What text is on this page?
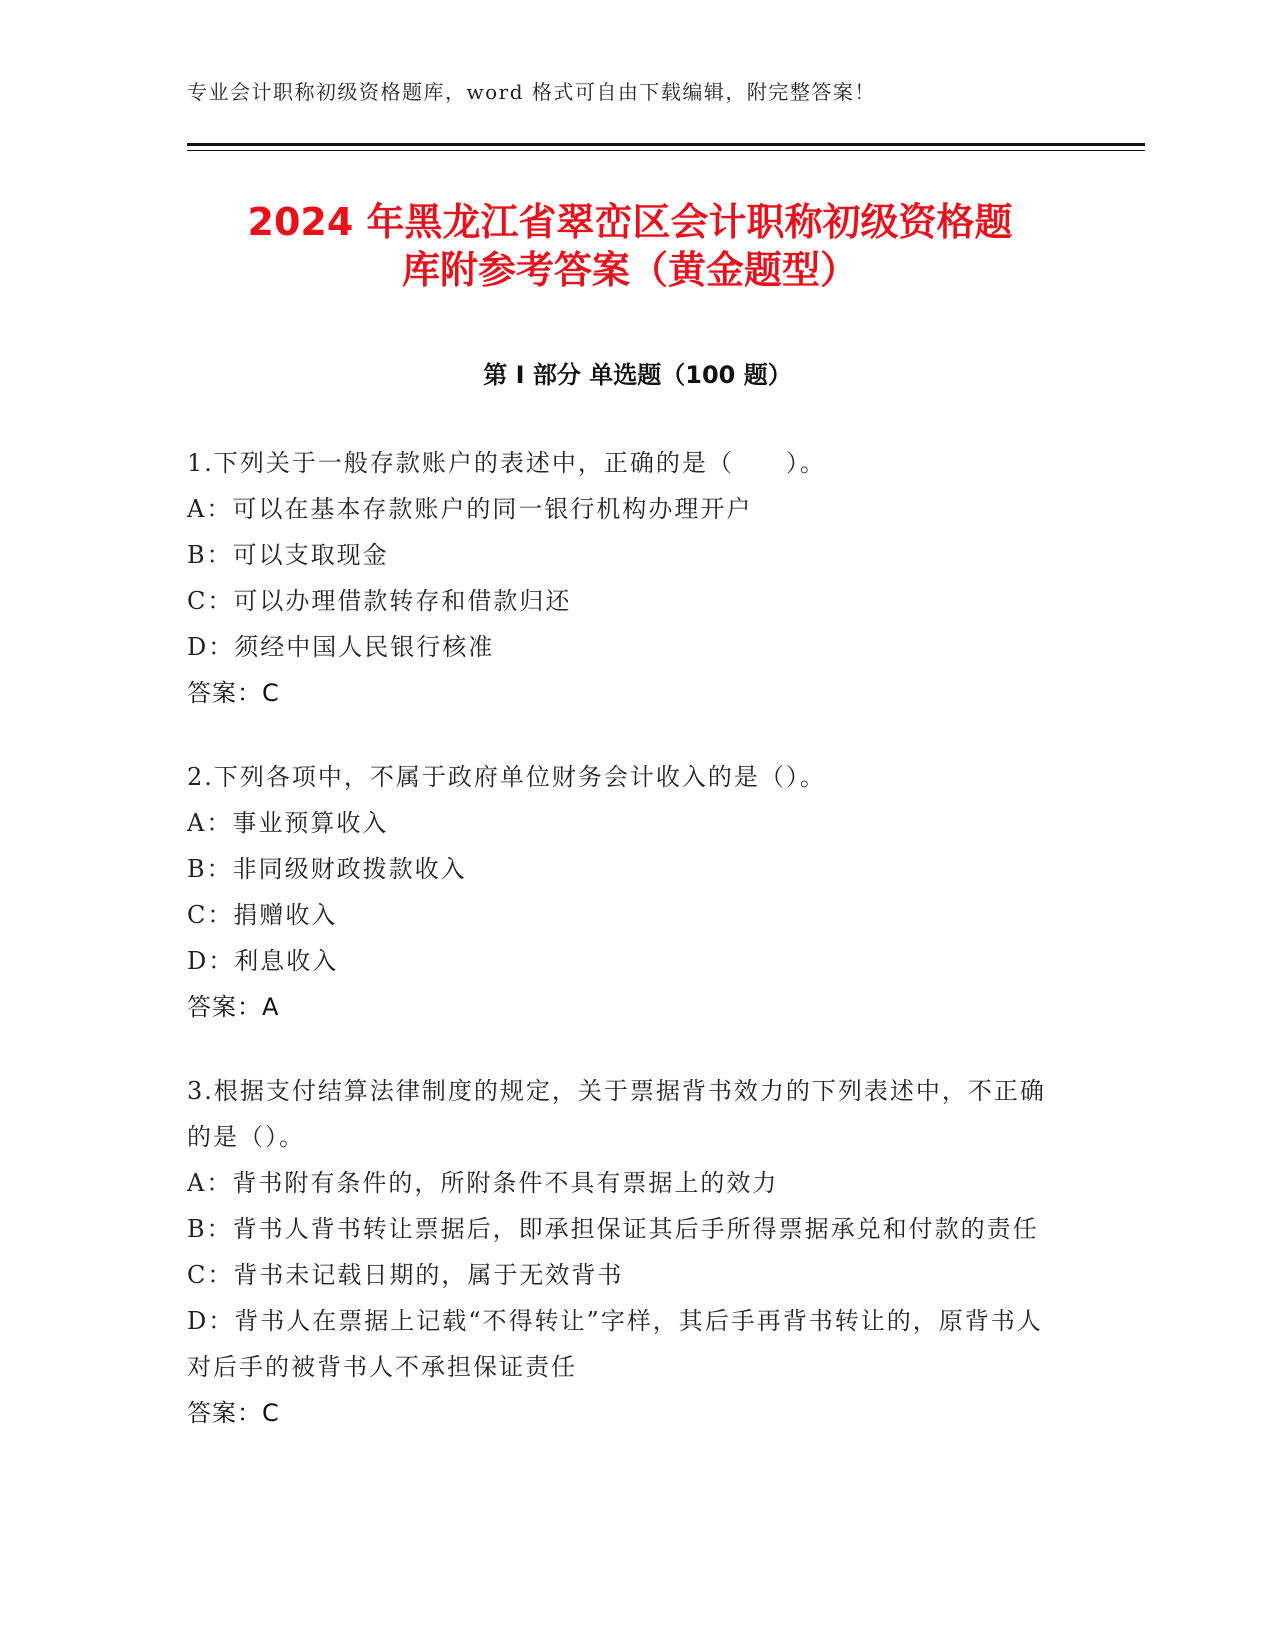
专业会计职称初级资格题库，word 格式可自由下载编辑，附完整答案！
2024 年黑龙江省翠峦区会计职称初级资格题
库附参考答案（黄金题型）
第 I 部分 单选题（100 题）
1.下列关于一般存款账户的表述中，正确的是（　　）。
A：可以在基本存款账户的同一银行机构办理开户
B：可以支取现金
C：可以办理借款转存和借款归还
D：须经中国人民银行核准
答案：C
2.下列各项中，不属于政府单位财务会计收入的是（）。
A：事业预算收入
B：非同级财政拨款收入
C：捐赠收入
D：利息收入
答案：A
3.根据支付结算法律制度的规定，关于票据背书效力的下列表述中，不正确的是（）。
A：背书附有条件的，所附条件不具有票据上的效力
B：背书人背书转让票据后，即承担保证其后手所得票据承兑和付款的责任
C：背书未记载日期的，属于无效背书
D：背书人在票据上记载“不得转让”字样，其后手再背书转让的，原背书人对后手的被背书人不承担保证责任
答案：C
